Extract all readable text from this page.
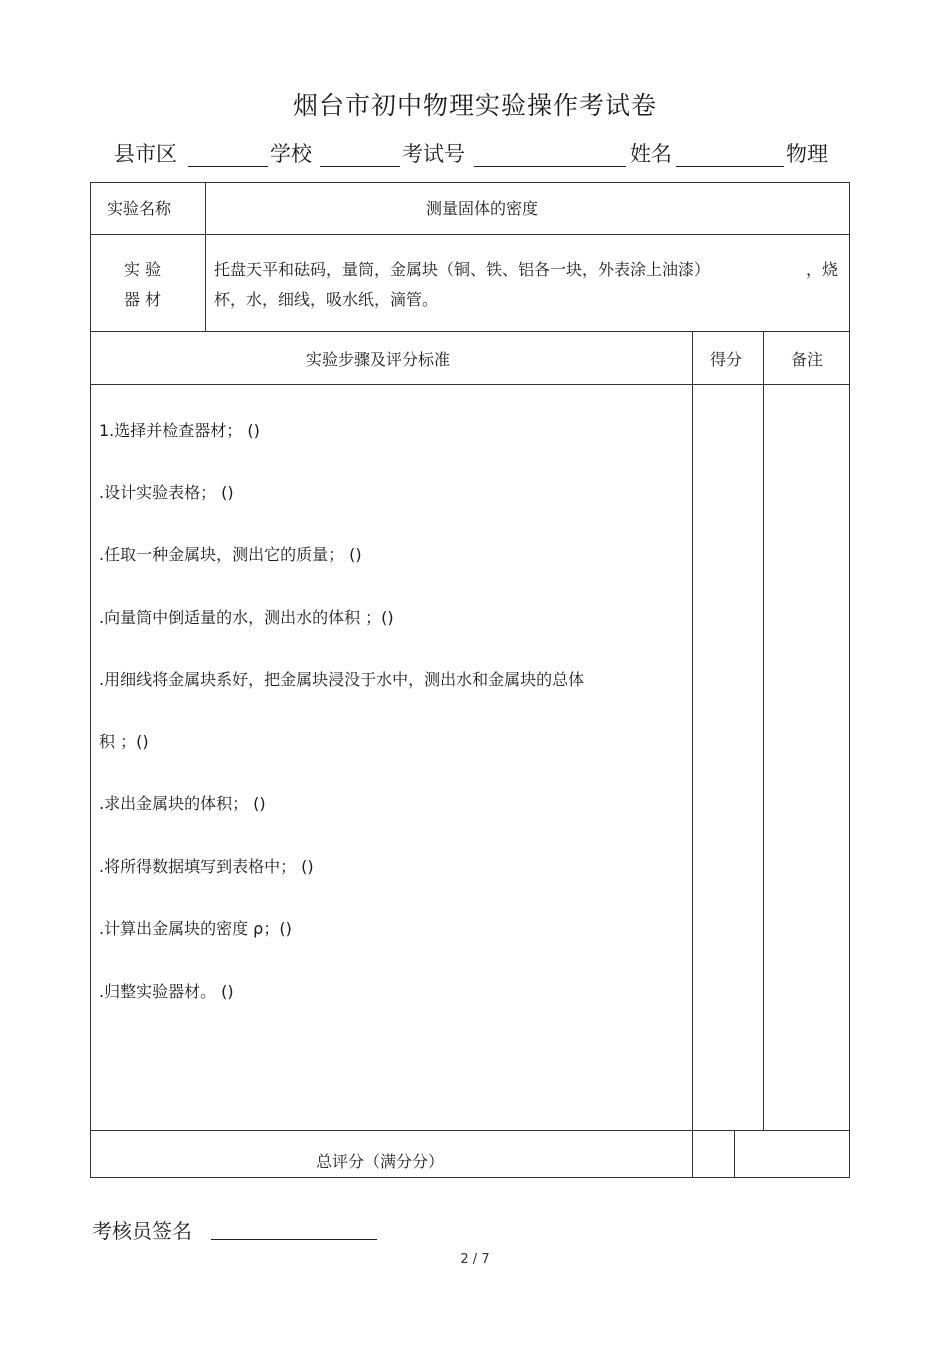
烟台市初中物理实验操作考试卷
县市区	学校	考试号	姓名	物理
实验名称	测量固体的密度
实 验
器 材
托盘天平和砝码，量筒，金属块（铜、铁、铝各一块，外表涂上油漆）	，烧
杯，水，细线，吸水纸，滴管。
实验步骤及评分标准	得分	备注
1.选择并检查器材； ()
.设计实验表格； ()
.任取一种金属块，测出它的质量； ()
.向量筒中倒适量的水，测出水的体积 ；()
.用细线将金属块系好，把金属块浸没于水中，测出水和金属块的总体
积 ；()
.求出金属块的体积； ()
.将所得数据填写到表格中； ()
.计算出金属块的密度 ρ；()
.归整实验器材。 ()
总评分（满分分）
考核员签名
2 / 7
